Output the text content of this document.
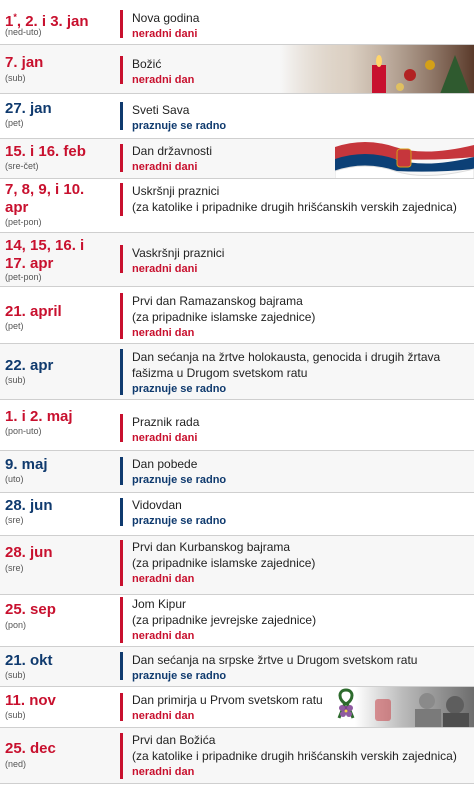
1*, 2. i 3. jan
(ned-uto)
Nova godina
neradni dani
7. jan
(sub)
Božić
neradni dan
27. jan
(pet)
Sveti Sava
praznuje se radno
15. i 16. feb
(sre-čet)
Dan državnosti
neradni dani
7, 8, 9, i 10.
apr
(pet-pon)
Uskršnji praznici
(za katolike i pripadnike drugih hrišćanskih verskih zajednica)
14, 15, 16. i
17. apr
(pet-pon)
Vaskršnji praznici
neradni dani
21. april
(pet)
Prvi dan Ramazanskog bajrama
(za pripadnike islamske zajednice)
neradni dan
22. apr
(sub)
Dan sećanja na žrtve holokausta, genocida i drugih žrtava
fašizma u Drugom svetskom ratu
praznuje se radno
1. i 2. maj
(pon-uto)
Praznik rada
neradni dani
9. maj
(uto)
Dan pobede
praznuje se radno
28. jun
(sre)
Vidovdan
praznuje se radno
28. jun
(sre)
Prvi dan Kurbanskog bajrama
(za pripadnike islamske zajednice)
neradni dan
25. sep
(pon)
Jom Kipur
(za pripadnike jevrejske zajednice)
neradni dan
21. okt
(sub)
Dan sećanja na srpske žrtve u Drugom svetskom ratu
praznuje se radno
11. nov
(sub)
Dan primirja u Prvom svetskom ratu
neradni dan
25. dec
(ned)
Prvi dan Božića
(za katolike i pripadnike drugih hrišćanskih verskih zajednica)
neradni dan
